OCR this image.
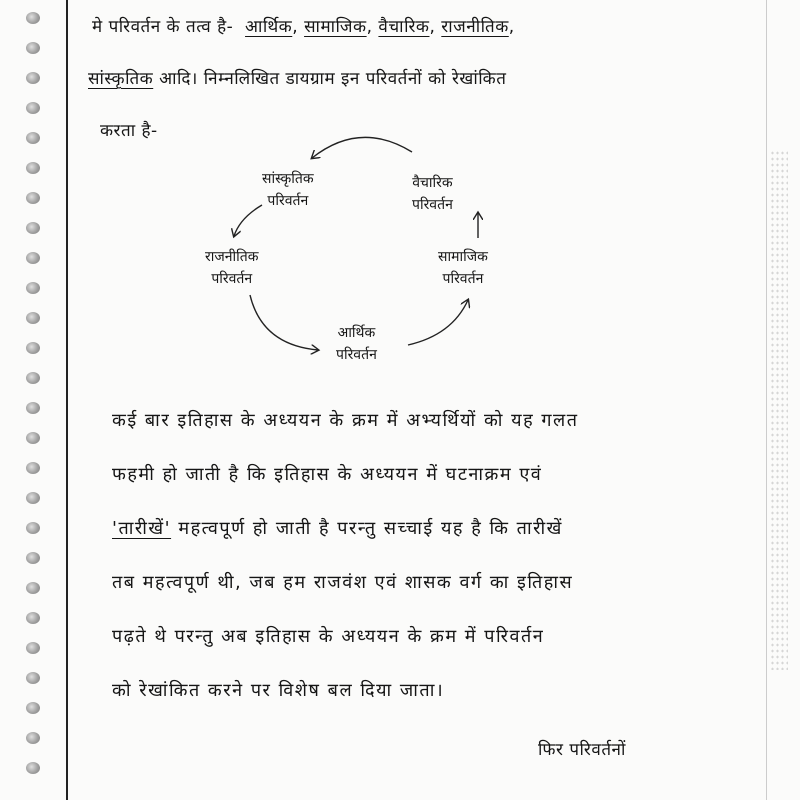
मे परिवर्तन के तत्व है- आर्थिक, सामाजिक, वैचारिक, राजनीतिक,
सांस्कृतिक आदि। निम्नलिखित डायग्राम इन परिवर्तनों को रेखांकित
करता है-
सांस्कृतिक
परिवर्तन
वैचारिक
परिवर्तन
राजनीतिक
परिवर्तन
सामाजिक
परिवर्तन
आर्थिक
परिवर्तन
कई बार इतिहास के अध्ययन के क्रम में अभ्यर्थियों को यह गलत
फहमी हो जाती है कि इतिहास के अध्ययन में घटनाक्रम एवं
'तारीखें' महत्वपूर्ण हो जाती है परन्तु सच्चाई यह है कि तारीखें
तब महत्वपूर्ण थी, जब हम राजवंश एवं शासक वर्ग का इतिहास
पढ़ते थे परन्तु अब इतिहास के अध्ययन के क्रम में परिवर्तन
को रेखांकित करने पर विशेष बल दिया जाता।
फिर परिवर्तनों
